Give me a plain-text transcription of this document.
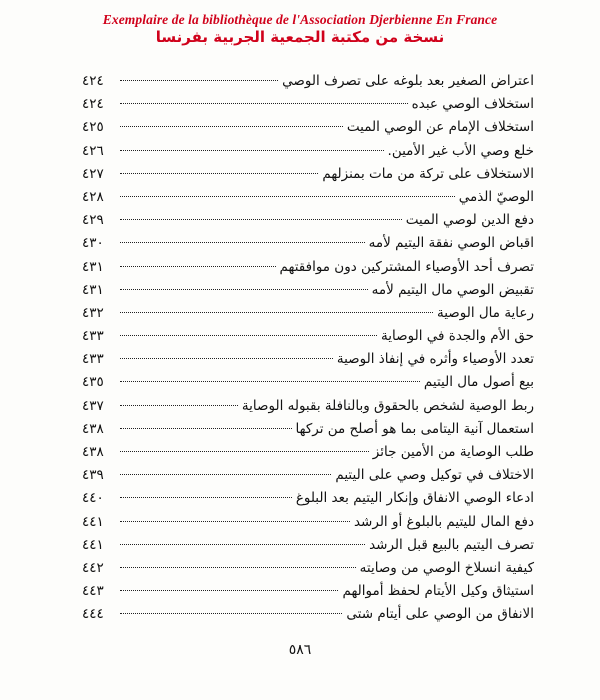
Exemplaire de la bibliothèque de l'Association Djerbienne En France
نسخة من مكتبة الجمعية الجربية بفرنسا
اعتراض الصغير بعد بلوغه على تصرف الوصي
٤٢٤
استخلاف الوصي عبده
٤٢٤
استخلاف الإمام عن الوصي الميت
٤٢٥
خلع وصي الأب غير الأمين.
٤٢٦
الاستخلاف على تركة من مات بمنزلهم
٤٢٧
الوصيّ الذمي
٤٢٨
دفع الدين لوصي الميت
٤٢٩
اقباض الوصي نفقة اليتيم لأمه
٤٣٠
تصرف أحد الأوصياء المشتركين دون موافقتهم
٤٣١
تقبيض الوصي مال اليتيم لأمه
٤٣١
رعاية مال الوصية
٤٣٢
حق الأم والجدة في الوصاية
٤٣٣
تعدد الأوصياء وأثره في إنفاذ الوصية
٤٣٣
بيع أصول مال اليتيم
٤٣٥
ربط الوصية لشخص بالحقوق وبالنافلة بقبوله الوصاية
٤٣٧
استعمال آنية اليتامى بما هو أصلح من تركها
٤٣٨
طلب الوصاية من الأمين جائز
٤٣٨
الاختلاف في توكيل وصي على اليتيم
٤٣٩
ادعاء الوصي الانفاق وإنكار اليتيم بعد البلوغ
٤٤٠
دفع المال لليتيم بالبلوغ أو الرشد
٤٤١
تصرف اليتيم بالبيع قبل الرشد
٤٤١
كيفية انسلاخ الوصي من وصايته
٤٤٢
استيثاق وكيل الأيتام لحفظ أموالهم
٤٤٣
الانفاق من الوصي على أيتام شتى
٤٤٤
٥٨٦
